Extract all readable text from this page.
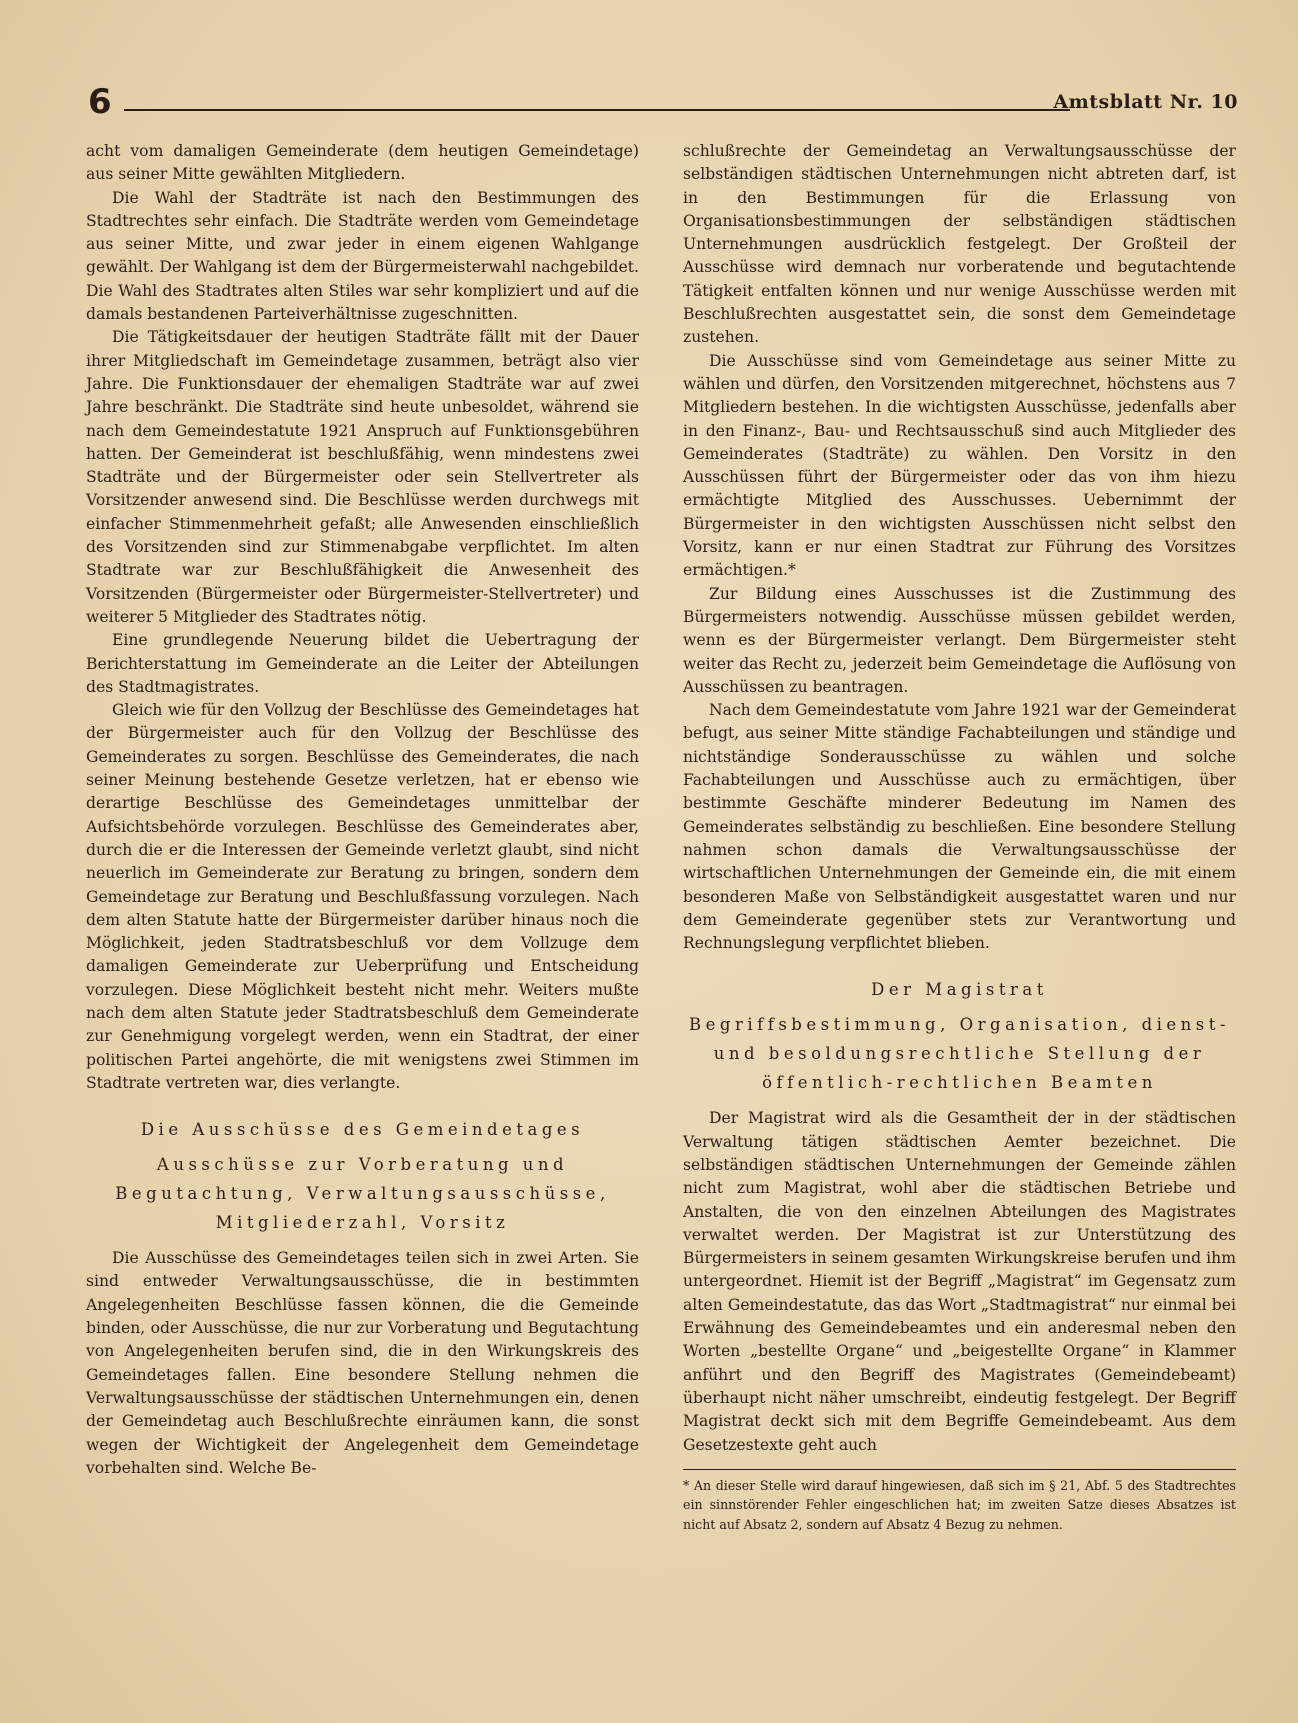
6	Amtsblatt Nr. 10

acht vom damaligen Gemeinderate (dem heutigen Gemeindetage) aus seiner Mitte gewählten Mitgliedern.

Die Wahl der Stadträte ist nach den Bestimmungen des Stadtrechtes sehr einfach. Die Stadträte werden vom Gemeindetage aus seiner Mitte, und zwar jeder in einem eigenen Wahlgange gewählt. Der Wahlgang ist dem der Bürgermeisterwahl nachgebildet. Die Wahl des Stadtrates alten Stiles war sehr kompliziert und auf die damals bestandenen Parteiverhältnisse zugeschnitten.

Die Tätigkeitsdauer der heutigen Stadträte fällt mit der Dauer ihrer Mitgliedschaft im Gemeindetage zusammen, beträgt also vier Jahre. Die Funktionsdauer der ehemaligen Stadträte war auf zwei Jahre beschränkt. Die Stadträte sind heute unbesoldet, während sie nach dem Gemeindestatute 1921 Anspruch auf Funktionsgebühren hatten. Der Gemeinderat ist beschlußfähig, wenn mindestens zwei Stadträte und der Bürgermeister oder sein Stellvertreter als Vorsitzender anwesend sind. Die Beschlüsse werden durchwegs mit einfacher Stimmenmehrheit gefaßt; alle Anwesenden einschließlich des Vorsitzenden sind zur Stimmenabgabe verpflichtet. Im alten Stadtrate war zur Beschlußfähigkeit die Anwesenheit des Vorsitzenden (Bürgermeister oder Bürgermeister-Stellvertreter) und weiterer 5 Mitglieder des Stadtrates nötig.

Eine grundlegende Neuerung bildet die Uebertragung der Berichterstattung im Gemeinderate an die Leiter der Abteilungen des Stadtmagistrates.

Gleich wie für den Vollzug der Beschlüsse des Gemeindetages hat der Bürgermeister auch für den Vollzug der Beschlüsse des Gemeinderates zu sorgen. Beschlüsse des Gemeinderates, die nach seiner Meinung bestehende Gesetze verletzen, hat er ebenso wie derartige Beschlüsse des Gemeindetages unmittelbar der Aufsichtsbehörde vorzulegen. Beschlüsse des Gemeinderates aber, durch die er die Interessen der Gemeinde verletzt glaubt, sind nicht neuerlich im Gemeinderate zur Beratung zu bringen, sondern dem Gemeindetage zur Beratung und Beschlußfassung vorzulegen. Nach dem alten Statute hatte der Bürgermeister darüber hinaus noch die Möglichkeit, jeden Stadtratsbeschluß vor dem Vollzuge dem damaligen Gemeinderate zur Ueberprüfung und Entscheidung vorzulegen. Diese Möglichkeit besteht nicht mehr. Weiters mußte nach dem alten Statute jeder Stadtratsbeschluß dem Gemeinderate zur Genehmigung vorgelegt werden, wenn ein Stadtrat, der einer politischen Partei angehörte, die mit wenigstens zwei Stimmen im Stadtrate vertreten war, dies verlangte.

Die Ausschüsse des Gemeindetages
Ausschüsse zur Vorberatung und Begutachtung, Verwaltungsausschüsse, Mitgliederzahl, Vorsitz

Die Ausschüsse des Gemeindetages teilen sich in zwei Arten. Sie sind entweder Verwaltungsausschüsse, die in bestimmten Angelegenheiten Beschlüsse fassen können, die die Gemeinde binden, oder Ausschüsse, die nur zur Vorberatung und Begutachtung von Angelegenheiten berufen sind, die in den Wirkungskreis des Gemeindetages fallen. Eine besondere Stellung nehmen die Verwaltungsausschüsse der städtischen Unternehmungen ein, denen der Gemeindetag auch Beschlußrechte einräumen kann, die sonst wegen der Wichtigkeit der Angelegenheit dem Gemeindetage vorbehalten sind. Welche Be-

schlußrechte der Gemeindetag an Verwaltungsausschüsse der selbständigen städtischen Unternehmungen nicht abtreten darf, ist in den Bestimmungen für die Erlassung von Organisationsbestimmungen der selbständigen städtischen Unternehmungen ausdrücklich festgelegt. Der Großteil der Ausschüsse wird demnach nur vorberatende und begutachtende Tätigkeit entfalten können und nur wenige Ausschüsse werden mit Beschlußrechten ausgestattet sein, die sonst dem Gemeindetage zustehen.

Die Ausschüsse sind vom Gemeindetage aus seiner Mitte zu wählen und dürfen, den Vorsitzenden mitgerechnet, höchstens aus 7 Mitgliedern bestehen. In die wichtigsten Ausschüsse, jedenfalls aber in den Finanz-, Bau- und Rechtsausschuß sind auch Mitglieder des Gemeinderates (Stadträte) zu wählen. Den Vorsitz in den Ausschüssen führt der Bürgermeister oder das von ihm hiezu ermächtigte Mitglied des Ausschusses. Uebernimmt der Bürgermeister in den wichtigsten Ausschüssen nicht selbst den Vorsitz, kann er nur einen Stadtrat zur Führung des Vorsitzes ermächtigen.*

Zur Bildung eines Ausschusses ist die Zustimmung des Bürgermeisters notwendig. Ausschüsse müssen gebildet werden, wenn es der Bürgermeister verlangt. Dem Bürgermeister steht weiter das Recht zu, jederzeit beim Gemeindetage die Auflösung von Ausschüssen zu beantragen.

Nach dem Gemeindestatute vom Jahre 1921 war der Gemeinderat befugt, aus seiner Mitte ständige Fachabteilungen und ständige und nichtständige Sonderausschüsse zu wählen und solche Fachabteilungen und Ausschüsse auch zu ermächtigen, über bestimmte Geschäfte minderer Bedeutung im Namen des Gemeinderates selbständig zu beschließen. Eine besondere Stellung nahmen schon damals die Verwaltungsausschüsse der wirtschaftlichen Unternehmungen der Gemeinde ein, die mit einem besonderen Maße von Selbständigkeit ausgestattet waren und nur dem Gemeinderate gegenüber stets zur Verantwortung und Rechnungslegung verpflichtet blieben.

Der Magistrat
Begriffsbestimmung, Organisation, dienst- und besoldungsrechtliche Stellung der öffentlich-rechtlichen Beamten

Der Magistrat wird als die Gesamtheit der in der städtischen Verwaltung tätigen städtischen Aemter bezeichnet. Die selbständigen städtischen Unternehmungen der Gemeinde zählen nicht zum Magistrat, wohl aber die städtischen Betriebe und Anstalten, die von den einzelnen Abteilungen des Magistrates verwaltet werden. Der Magistrat ist zur Unterstützung des Bürgermeisters in seinem gesamten Wirkungskreise berufen und ihm untergeordnet. Hiemit ist der Begriff „Magistrat“ im Gegensatz zum alten Gemeindestatute, das das Wort „Stadtmagistrat“ nur einmal bei Erwähnung des Gemeindebeamtes und ein anderesmal neben den Worten „bestellte Organe“ und „beigestellte Organe“ in Klammer anführt und den Begriff des Magistrates (Gemeindebeamt) überhaupt nicht näher umschreibt, eindeutig festgelegt. Der Begriff Magistrat deckt sich mit dem Begriffe Gemeindebeamt. Aus dem Gesetzestexte geht auch

* An dieser Stelle wird darauf hingewiesen, daß sich im § 21, Abf. 5 des Stadtrechtes ein sinnstörender Fehler eingeschlichen hat; im zweiten Satze dieses Absatzes ist nicht auf Absatz 2, sondern auf Absatz 4 Bezug zu nehmen.
